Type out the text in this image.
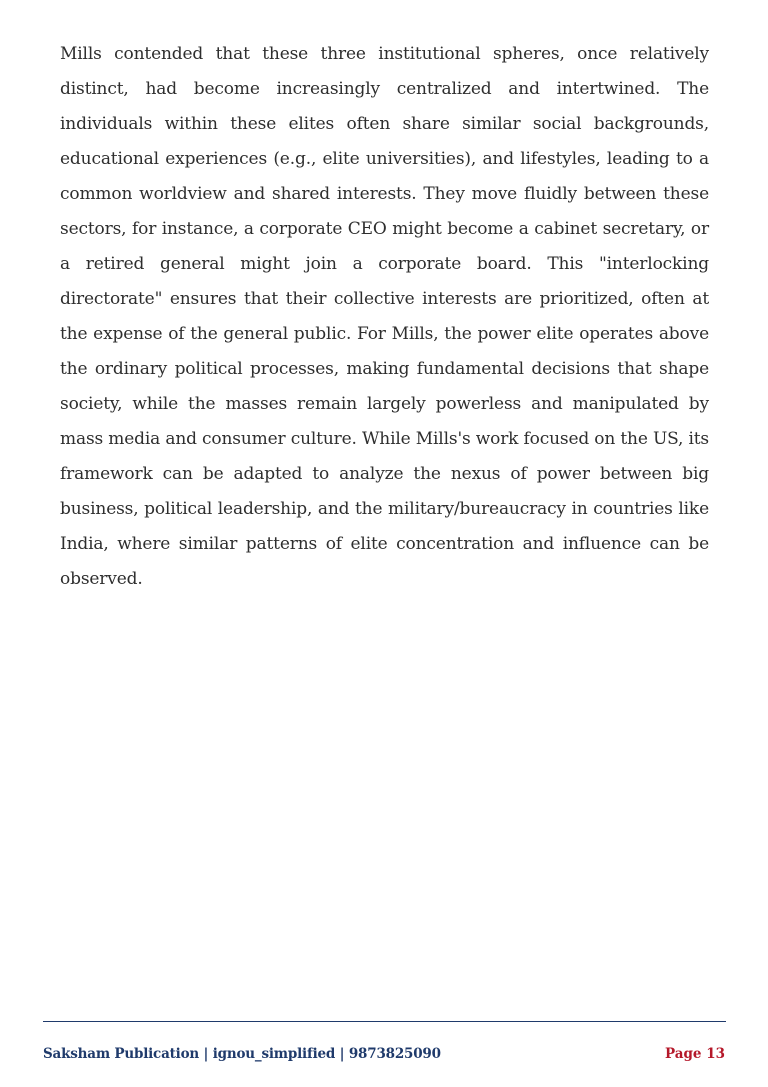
Mills contended that these three institutional spheres, once relatively distinct, had become increasingly centralized and intertwined. The individuals within these elites often share similar social backgrounds, educational experiences (e.g., elite universities), and lifestyles, leading to a common worldview and shared interests. They move fluidly between these sectors, for instance, a corporate CEO might become a cabinet secretary, or a retired general might join a corporate board. This "interlocking directorate" ensures that their collective interests are prioritized, often at the expense of the general public. For Mills, the power elite operates above the ordinary political processes, making fundamental decisions that shape society, while the masses remain largely powerless and manipulated by mass media and consumer culture. While Mills's work focused on the US, its framework can be adapted to analyze the nexus of power between big business, political leadership, and the military/bureaucracy in countries like India, where similar patterns of elite concentration and influence can be observed.

Saksham Publication | ignou_simplified | 9873825090	Page 13
